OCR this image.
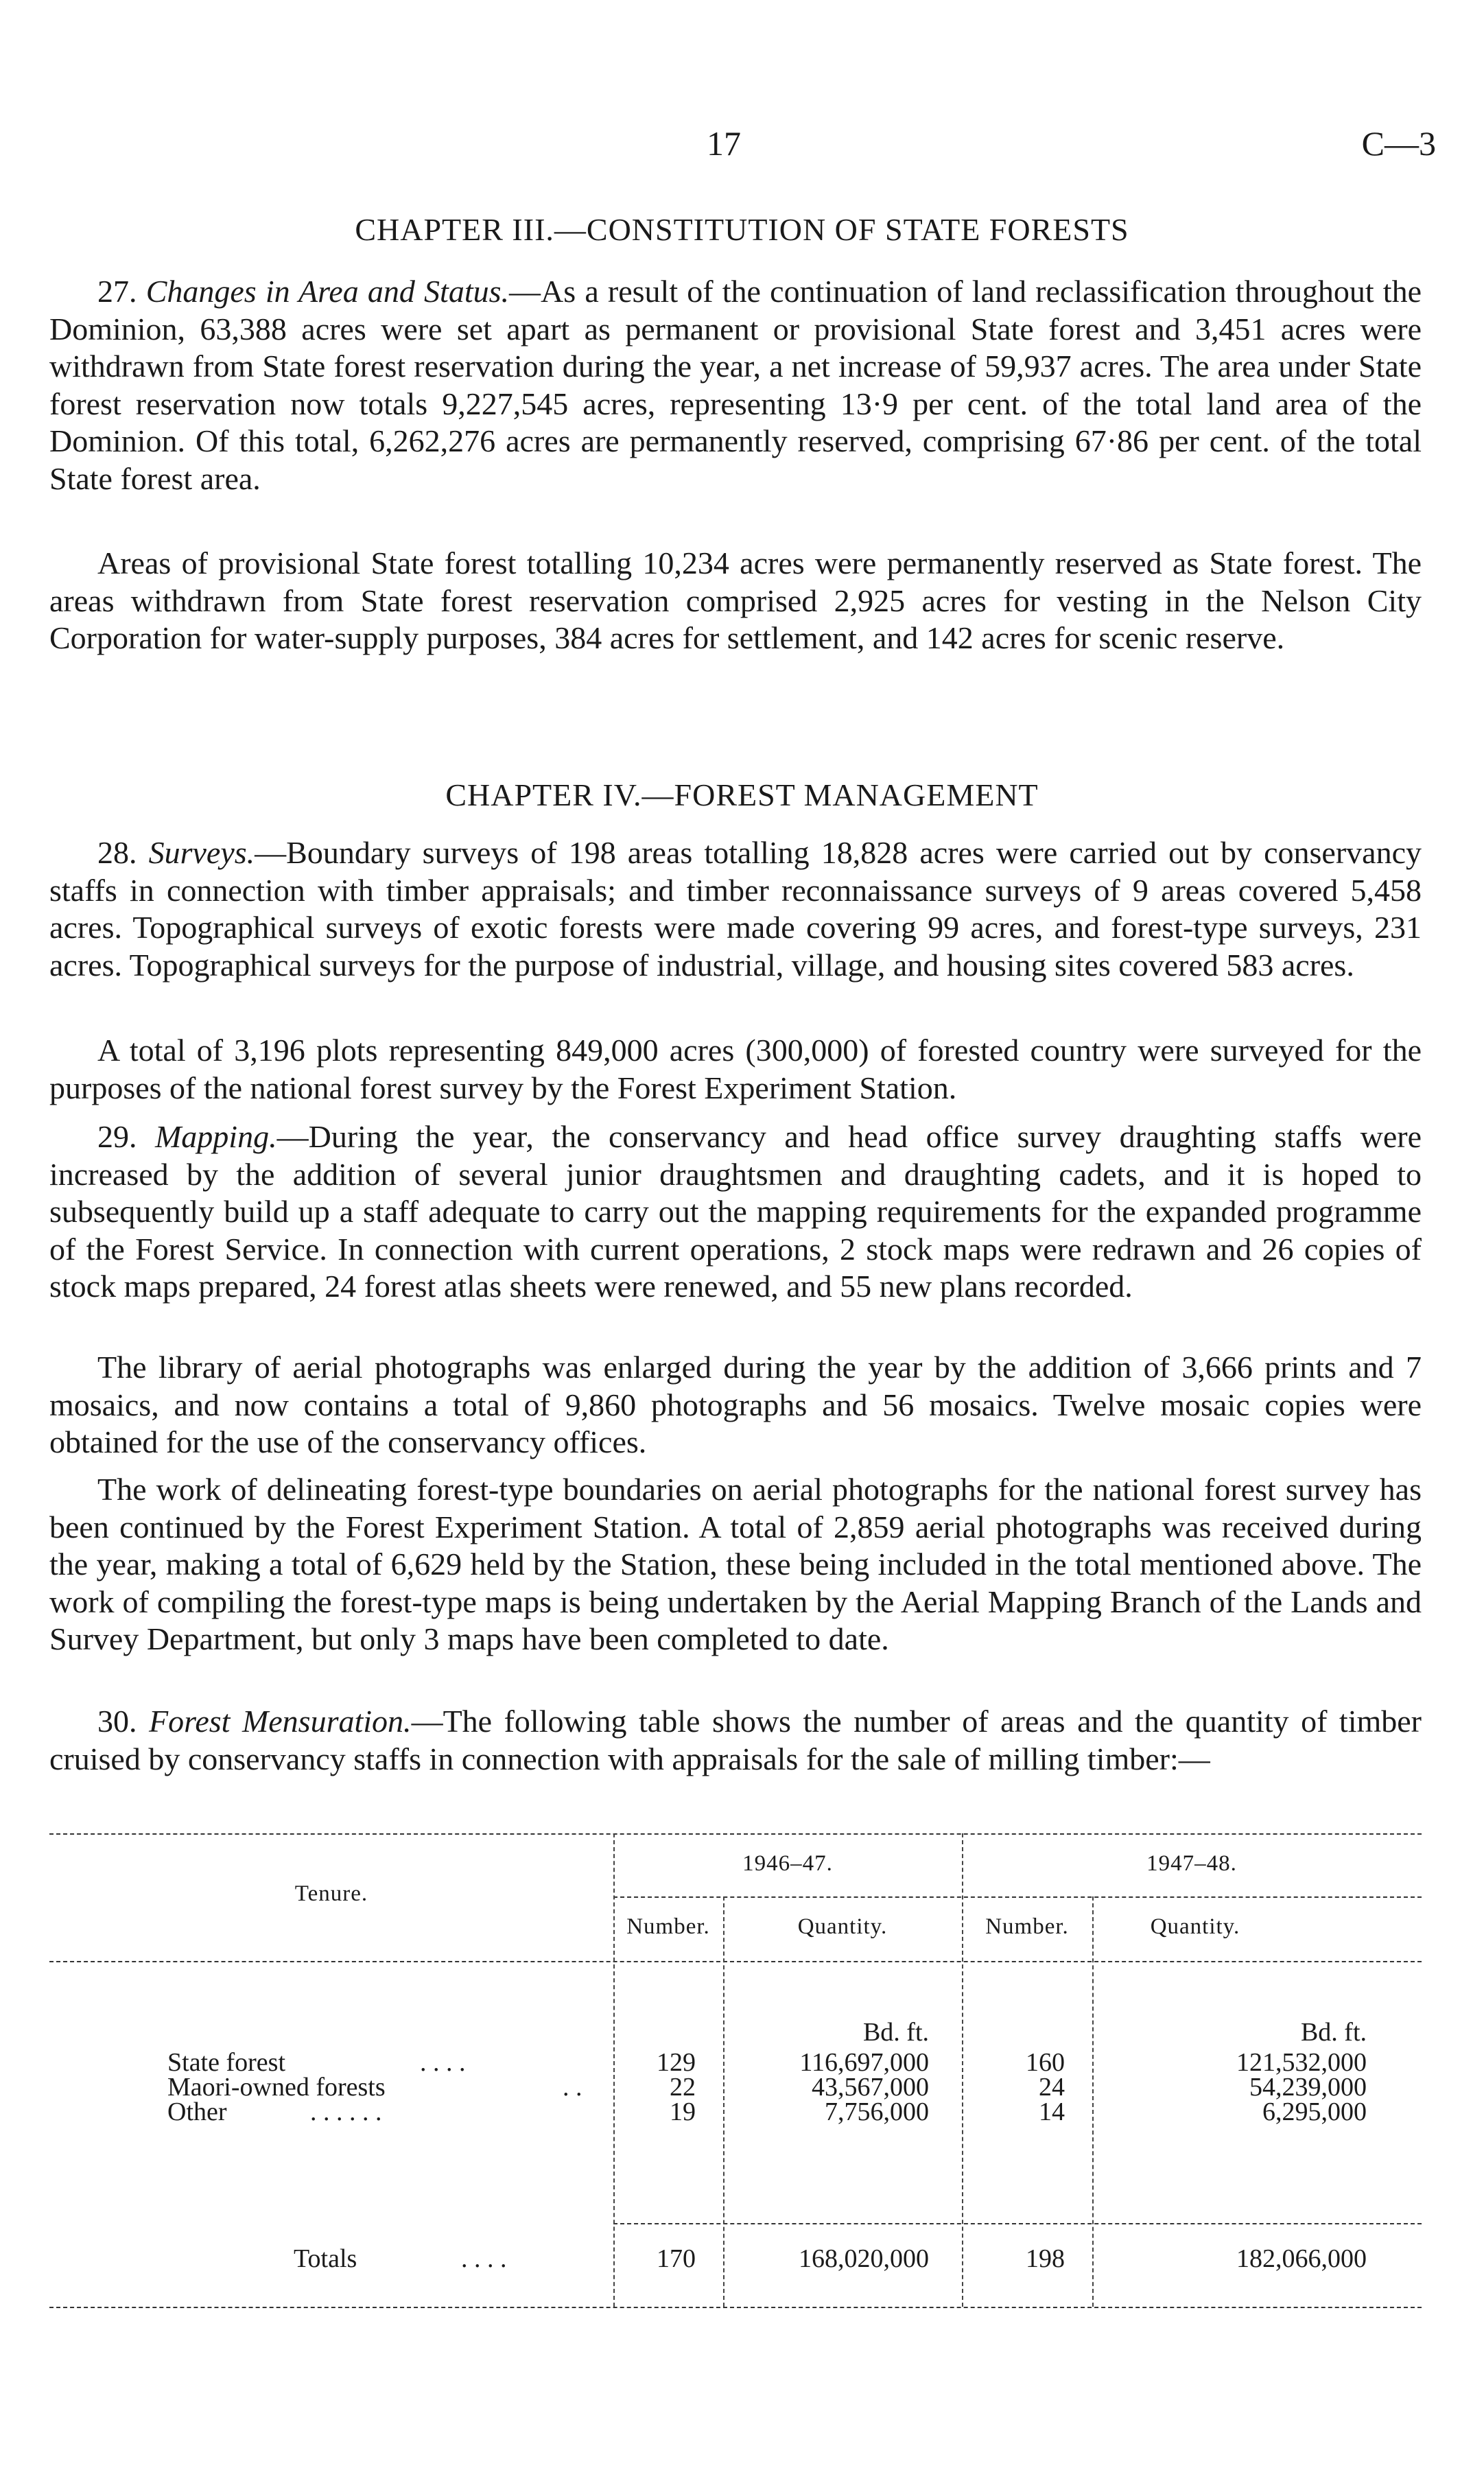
17	C—3
CHAPTER III.—CONSTITUTION OF STATE FORESTS

27. Changes in Area and Status.—As a result of the continuation of land reclassification throughout the Dominion, 63,388 acres were set apart as permanent or provisional State forest and 3,451 acres were withdrawn from State forest reservation during the year, a net increase of 59,937 acres. The area under State forest reservation now totals 9,227,545 acres, representing 13·9 per cent. of the total land area of the Dominion. Of this total, 6,262,276 acres are permanently reserved, comprising 67·86 per cent. of the total State forest area.

Areas of provisional State forest totalling 10,234 acres were permanently reserved as State forest. The areas withdrawn from State forest reservation comprised 2,925 acres for vesting in the Nelson City Corporation for water-supply purposes, 384 acres for settlement, and 142 acres for scenic reserve.

CHAPTER IV.—FOREST MANAGEMENT

28. Surveys.—Boundary surveys of 198 areas totalling 18,828 acres were carried out by conservancy staffs in connection with timber appraisals; and timber reconnaissance surveys of 9 areas covered 5,458 acres. Topographical surveys of exotic forests were made covering 99 acres, and forest-type surveys, 231 acres. Topographical surveys for the purpose of industrial, village, and housing sites covered 583 acres.

A total of 3,196 plots representing 849,000 acres (300,000) of forested country were surveyed for the purposes of the national forest survey by the Forest Experiment Station.

29. Mapping.—During the year, the conservancy and head office survey draughting staffs were increased by the addition of several junior draughtsmen and draughting cadets, and it is hoped to subsequently build up a staff adequate to carry out the mapping requirements for the expanded programme of the Forest Service. In connection with current operations, 2 stock maps were redrawn and 26 copies of stock maps prepared, 24 forest atlas sheets were renewed, and 55 new plans recorded.

The library of aerial photographs was enlarged during the year by the addition of 3,666 prints and 7 mosaics, and now contains a total of 9,860 photographs and 56 mosaics. Twelve mosaic copies were obtained for the use of the conservancy offices.

The work of delineating forest-type boundaries on aerial photographs for the national forest survey has been continued by the Forest Experiment Station. A total of 2,859 aerial photographs was received during the year, making a total of 6,629 held by the Station, these being included in the total mentioned above. The work of compiling the forest-type maps is being undertaken by the Aerial Mapping Branch of the Lands and Survey Department, but only 3 maps have been completed to date.

30. Forest Mensuration.—The following table shows the number of areas and the quantity of timber cruised by conservancy staffs in connection with appraisals for the sale of milling timber:—

Tenure.
1946–47.	1947–48.
Number.	Quantity.	Number.	Quantity.
Bd. ft.	Bd. ft.
State forest	. . . .	129	116,697,000	160	121,532,000
Maori-owned forests	. .	22	43,567,000	24	54,239,000
Other	. . . . . .	19	7,756,000	14	6,295,000
Totals	. . . .	170	168,020,000	198	182,066,000
